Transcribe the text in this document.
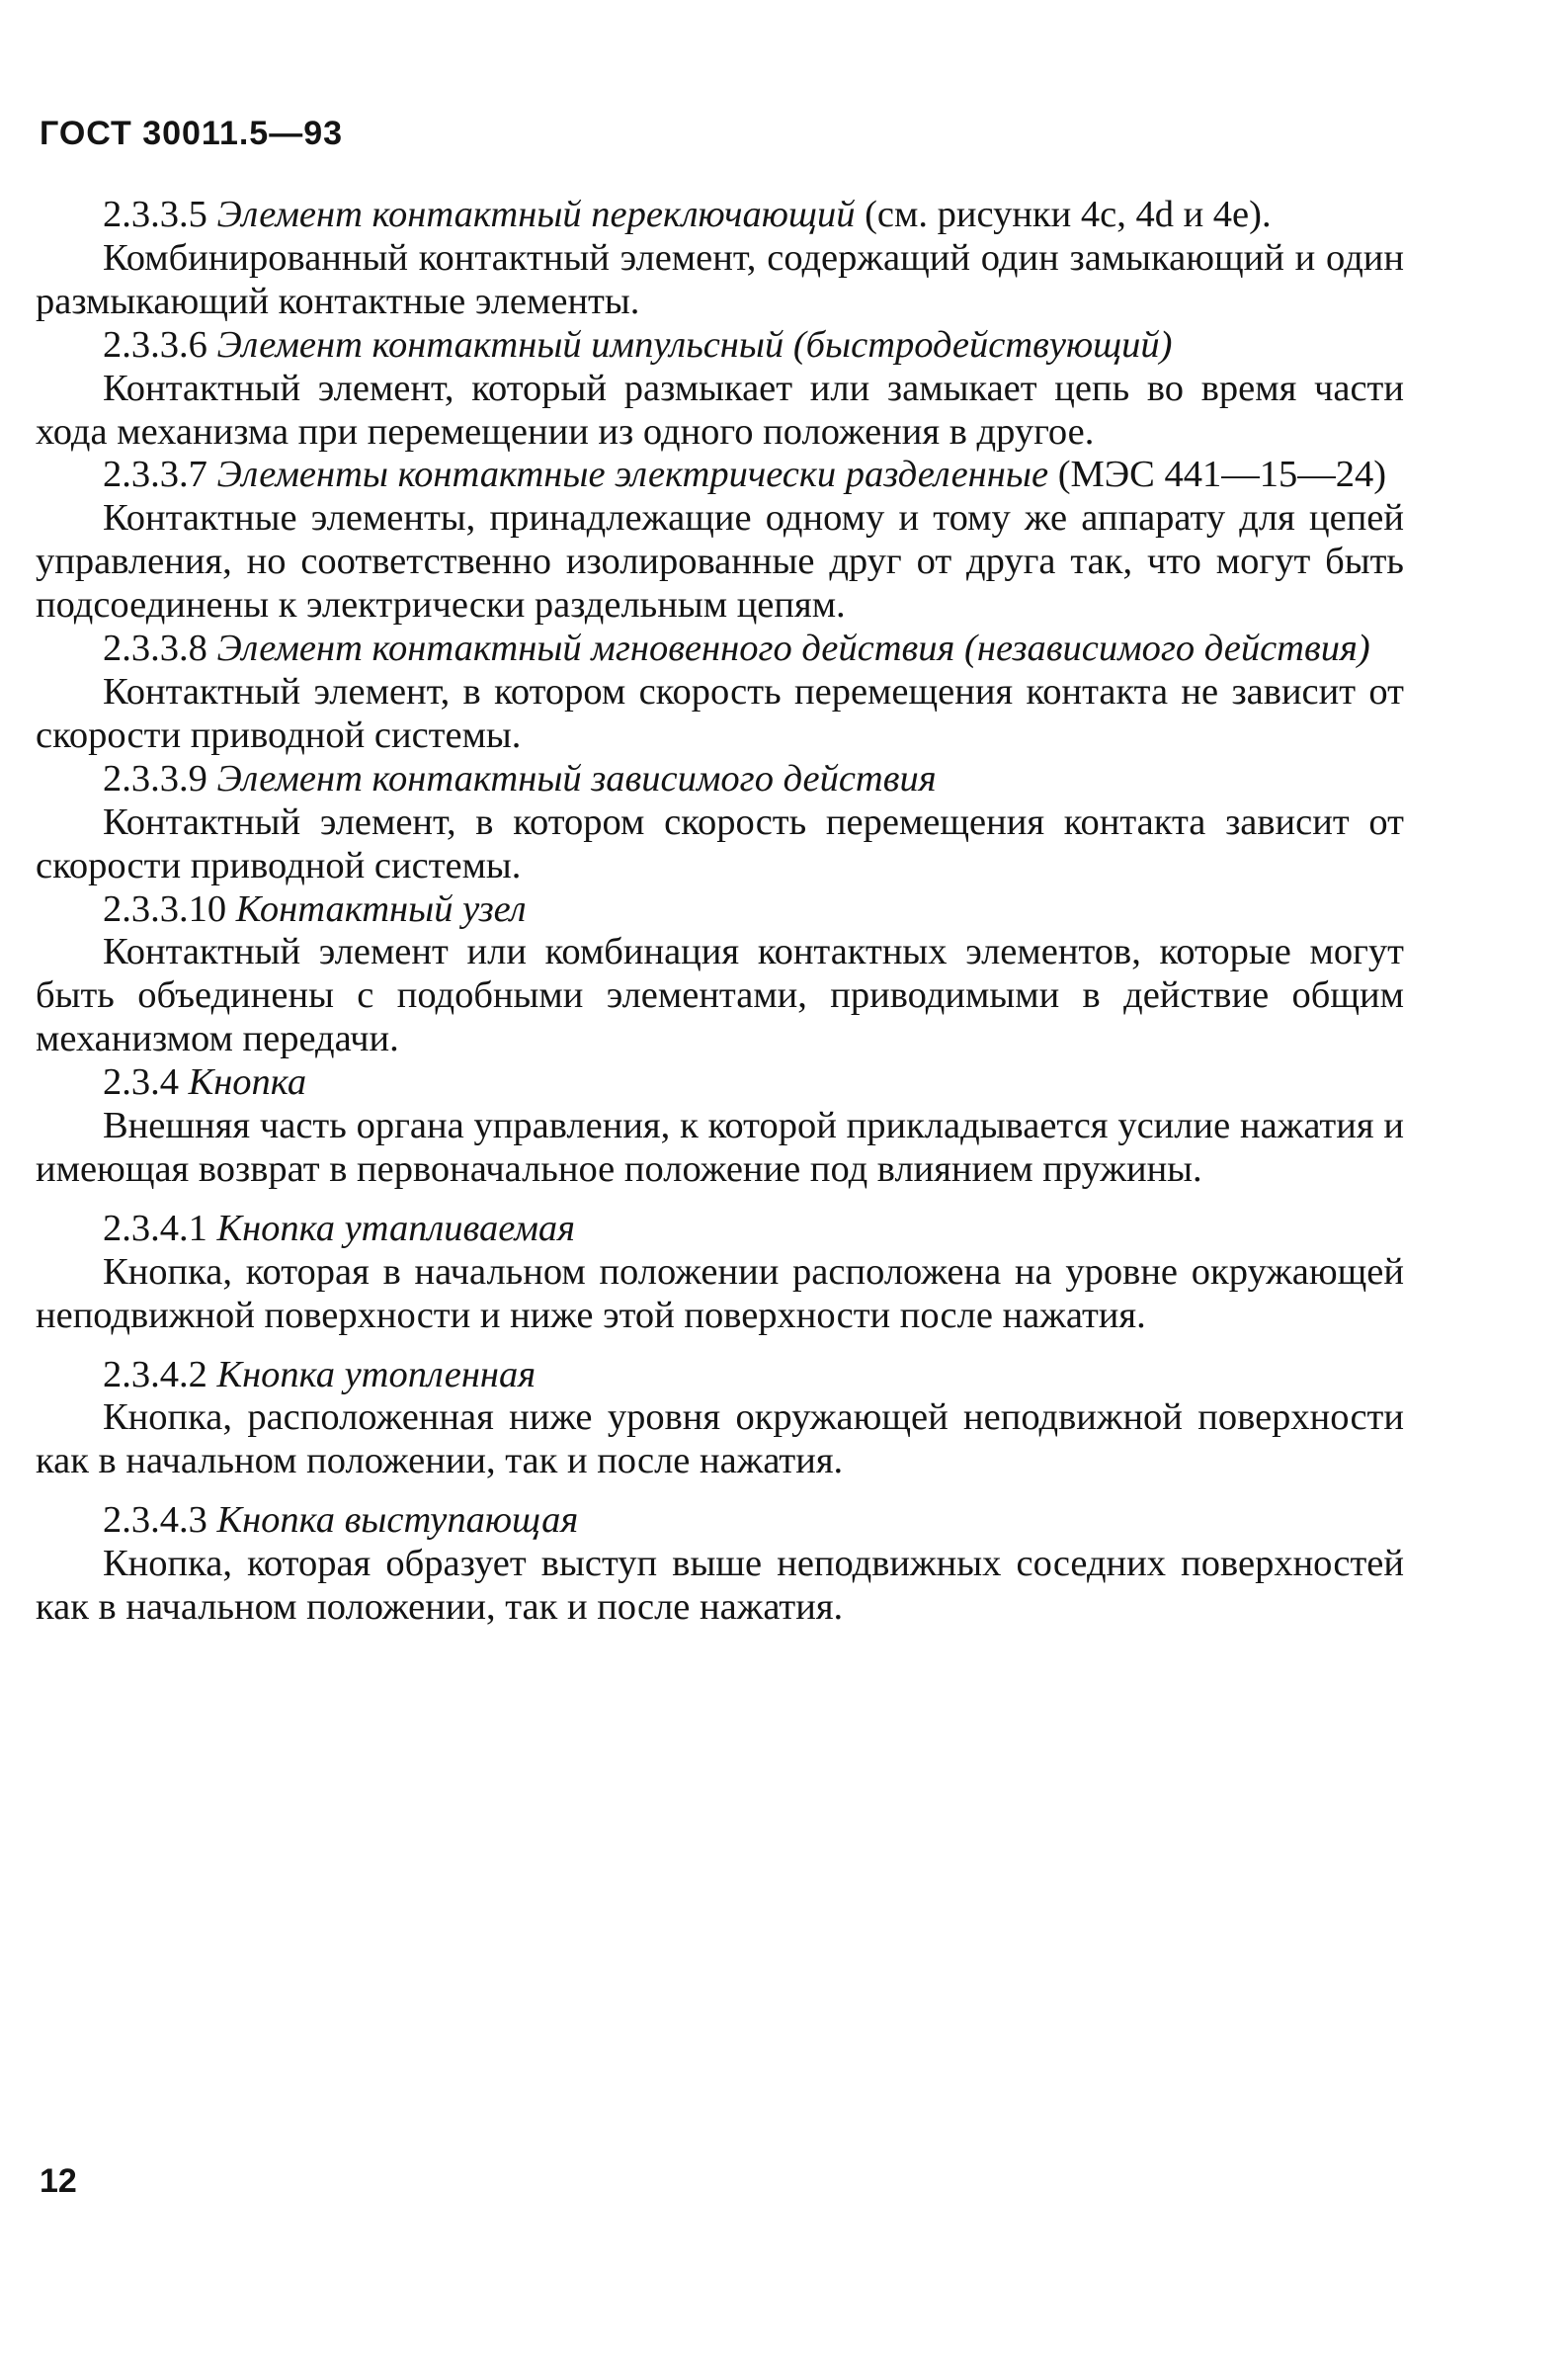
ГОСТ 30011.5—93

2.3.3.5 Элемент контактный переключающий (см. рисунки 4c, 4d и 4e).

Комбинированный контактный элемент, содержащий один замыкающий и один размыкающий контактные элементы.

2.3.3.6 Элемент контактный импульсный (быстродействующий)

Контактный элемент, который размыкает или замыкает цепь во время части хода механизма при перемещении из одного положения в другое.

2.3.3.7 Элементы контактные электрически разделенные (МЭС 441—15—24)

Контактные элементы, принадлежащие одному и тому же аппарату для цепей управления, но соответственно изолированные друг от друга так, что могут быть подсоединены к электрически раздельным цепям.

2.3.3.8 Элемент контактный мгновенного действия (независимого действия)

Контактный элемент, в котором скорость перемещения контакта не зависит от скорости приводной системы.

2.3.3.9 Элемент контактный зависимого действия

Контактный элемент, в котором скорость перемещения контакта зависит от скорости приводной системы.

2.3.3.10 Контактный узел

Контактный элемент или комбинация контактных элементов, которые могут быть объединены с подобными элементами, приводимыми в действие общим механизмом передачи.

2.3.4 Кнопка

Внешняя часть органа управления, к которой прикладывается усилие нажатия и имеющая возврат в первоначальное положение под влиянием пружины.

2.3.4.1 Кнопка утапливаемая

Кнопка, которая в начальном положении расположена на уровне окружающей неподвижной поверхности и ниже этой поверхности после нажатия.

2.3.4.2 Кнопка утопленная

Кнопка, расположенная ниже уровня окружающей неподвижной поверхности как в начальном положении, так и после нажатия.

2.3.4.3 Кнопка выступающая

Кнопка, которая образует выступ выше неподвижных соседних поверхностей как в начальном положении, так и после нажатия.

12
